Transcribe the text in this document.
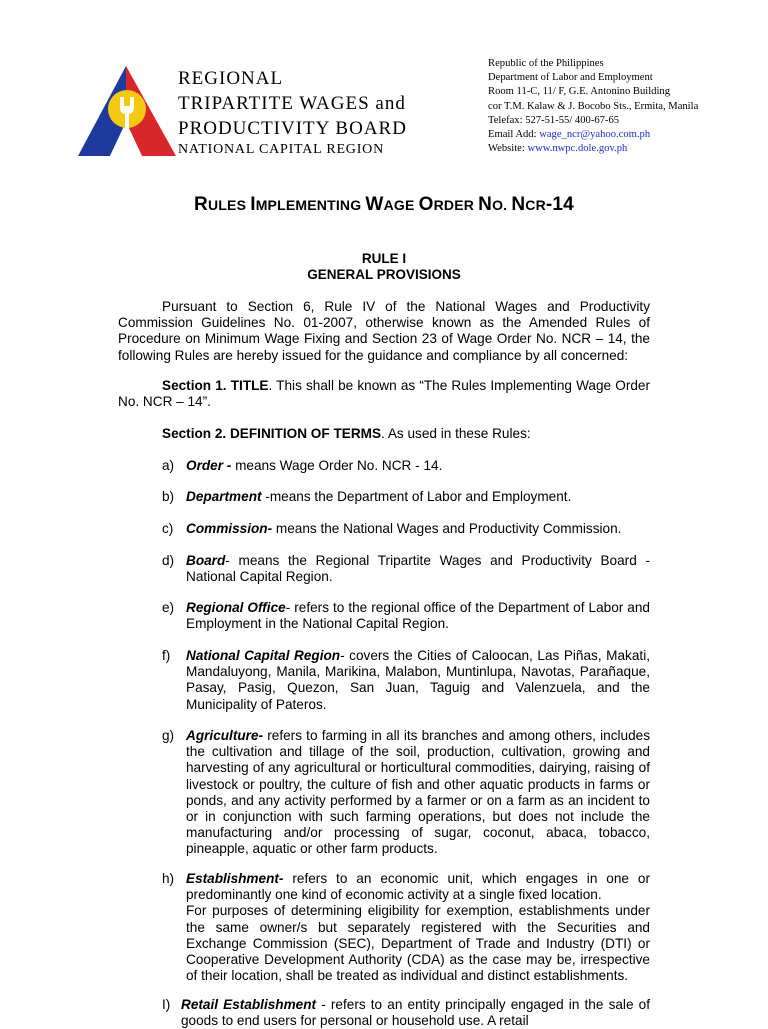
REGIONAL
TRIPARTITE WAGES and
PRODUCTIVITY BOARD
NATIONAL CAPITAL REGION
Republic of the Philippines
Department of Labor and Employment
Room 11-C, 11/ F, G.E. Antonino Building
cor T.M. Kalaw & J. Bocobo Sts., Ermita, Manila
Telefax: 527-51-55/ 400-67-65
Email Add: wage_ncr@yahoo.com.ph
Website: www.nwpc.dole.gov.ph
RULES IMPLEMENTING WAGE ORDER NO. NCR-14
RULE I
GENERAL PROVISIONS
Pursuant to Section 6, Rule IV of the National Wages and Productivity Commission Guidelines No. 01-2007, otherwise known as the Amended Rules of Procedure on Minimum Wage Fixing and Section 23 of Wage Order No. NCR – 14, the following Rules are hereby issued for the guidance and compliance by all concerned:
Section 1. TITLE. This shall be known as “The Rules Implementing Wage Order No. NCR – 14”.
Section 2. DEFINITION OF TERMS. As used in these Rules:
a) Order - means Wage Order No. NCR - 14.
b) Department -means the Department of Labor and Employment.
c) Commission- means the National Wages and Productivity Commission.
d) Board- means the Regional Tripartite Wages and Productivity Board - National Capital Region.
e) Regional Office- refers to the regional office of the Department of Labor and Employment in the National Capital Region.
f) National Capital Region- covers the Cities of Caloocan, Las Piñas, Makati, Mandaluyong, Manila, Marikina, Malabon, Muntinlupa, Navotas, Parañaque, Pasay, Pasig, Quezon, San Juan, Taguig and Valenzuela, and the Municipality of Pateros.
g) Agriculture- refers to farming in all its branches and among others, includes the cultivation and tillage of the soil, production, cultivation, growing and harvesting of any agricultural or horticultural commodities, dairying, raising of livestock or poultry, the culture of fish and other aquatic products in farms or ponds, and any activity performed by a farmer or on a farm as an incident to or in conjunction with such farming operations, but does not include the manufacturing and/or processing of sugar, coconut, abaca, tobacco, pineapple, aquatic or other farm products.
h) Establishment- refers to an economic unit, which engages in one or predominantly one kind of economic activity at a single fixed location.
For purposes of determining eligibility for exemption, establishments under the same owner/s but separately registered with the Securities and Exchange Commission (SEC), Department of Trade and Industry (DTI) or Cooperative Development Authority (CDA) as the case may be, irrespective of their location, shall be treated as individual and distinct establishments.
I) Retail Establishment - refers to an entity principally engaged in the sale of goods to end users for personal or household use. A retail
